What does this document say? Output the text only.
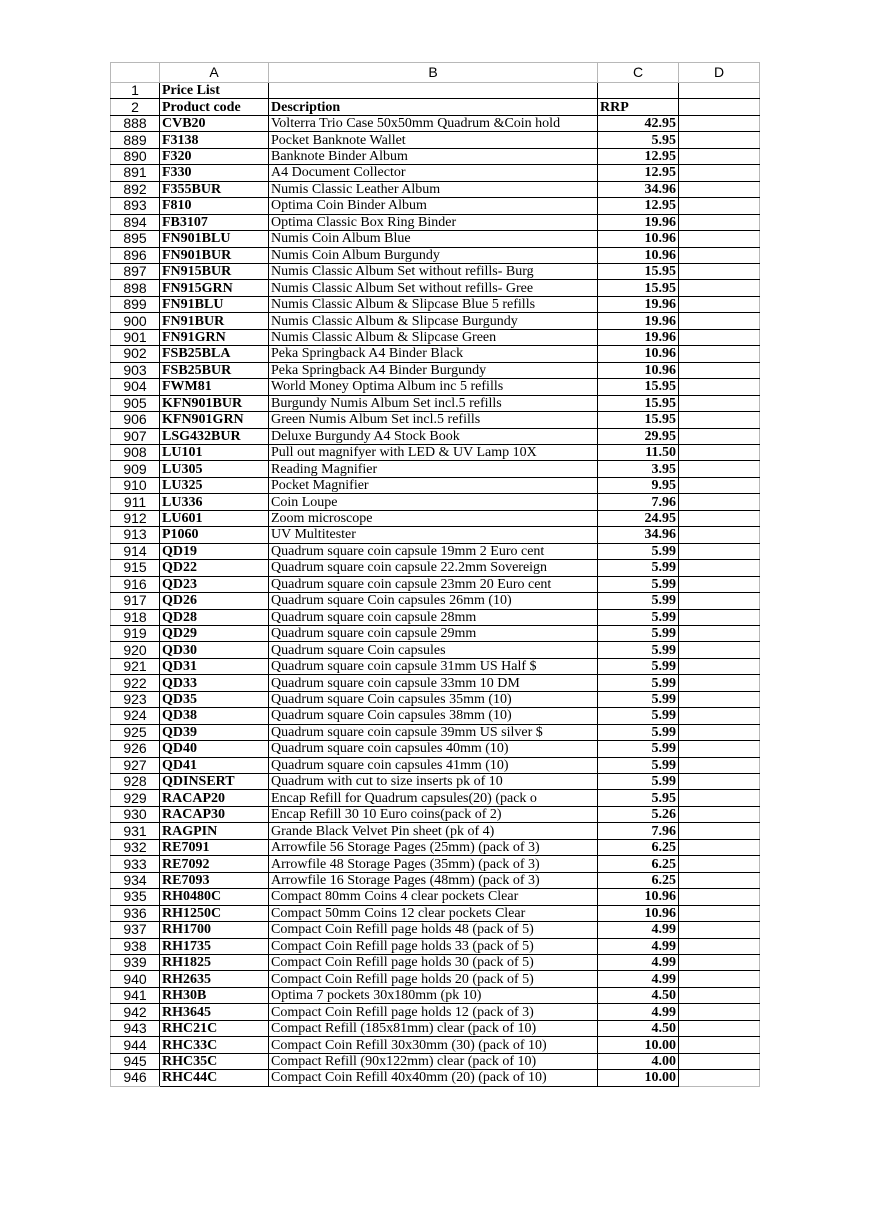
	A	B	C	D
1	Price List			
2	Product code	Description	RRP	
888	CVB20	Volterra Trio Case 50x50mm Quadrum &Coin hold	42.95	
889	F3138	Pocket Banknote Wallet	5.95	
890	F320	Banknote Binder Album	12.95	
891	F330	A4 Document Collector	12.95	
892	F355BUR	Numis Classic Leather Album	34.96	
893	F810	Optima Coin Binder Album	12.95	
894	FB3107	Optima Classic Box Ring Binder	19.96	
895	FN901BLU	Numis Coin Album Blue	10.96	
896	FN901BUR	Numis Coin Album Burgundy	10.96	
897	FN915BUR	Numis Classic Album Set without refills- Burg	15.95	
898	FN915GRN	Numis Classic Album Set without refills- Gree	15.95	
899	FN91BLU	Numis Classic Album & Slipcase Blue 5 refills	19.96	
900	FN91BUR	Numis Classic Album & Slipcase Burgundy	19.96	
901	FN91GRN	Numis Classic Album & Slipcase Green	19.96	
902	FSB25BLA	Peka Springback A4 Binder Black	10.96	
903	FSB25BUR	Peka Springback A4 Binder Burgundy	10.96	
904	FWM81	World Money Optima Album inc 5 refills	15.95	
905	KFN901BUR	Burgundy Numis Album Set incl.5 refills	15.95	
906	KFN901GRN	Green Numis Album Set incl.5 refills	15.95	
907	LSG432BUR	Deluxe Burgundy A4 Stock Book	29.95	
908	LU101	Pull out magnifyer with LED & UV Lamp 10X	11.50	
909	LU305	Reading Magnifier	3.95	
910	LU325	Pocket Magnifier	9.95	
911	LU336	Coin Loupe	7.96	
912	LU601	Zoom microscope	24.95	
913	P1060	UV Multitester	34.96	
914	QD19	Quadrum square coin capsule 19mm 2 Euro cent	5.99	
915	QD22	Quadrum square coin capsule 22.2mm Sovereign	5.99	
916	QD23	Quadrum square coin capsule 23mm 20 Euro cent	5.99	
917	QD26	Quadrum square Coin capsules 26mm (10)	5.99	
918	QD28	Quadrum square coin capsule 28mm	5.99	
919	QD29	Quadrum square coin capsule 29mm	5.99	
920	QD30	Quadrum square Coin capsules	5.99	
921	QD31	Quadrum square coin capsule 31mm US Half $	5.99	
922	QD33	Quadrum square coin capsule 33mm 10 DM	5.99	
923	QD35	Quadrum square Coin capsules 35mm (10)	5.99	
924	QD38	Quadrum square Coin capsules 38mm (10)	5.99	
925	QD39	Quadrum square coin capsule 39mm US silver $	5.99	
926	QD40	Quadrum square coin capsules 40mm (10)	5.99	
927	QD41	Quadrum square coin capsules 41mm (10)	5.99	
928	QDINSERT	Quadrum with cut to size inserts pk of 10	5.99	
929	RACAP20	Encap Refill for Quadrum capsules(20) (pack o	5.95	
930	RACAP30	Encap Refill 30 10 Euro coins(pack of 2)	5.26	
931	RAGPIN	Grande Black Velvet Pin sheet (pk of 4)	7.96	
932	RE7091	Arrowfile 56 Storage Pages (25mm) (pack of 3)	6.25	
933	RE7092	Arrowfile 48 Storage Pages (35mm) (pack of 3)	6.25	
934	RE7093	Arrowfile 16 Storage Pages (48mm) (pack of 3)	6.25	
935	RH0480C	Compact 80mm Coins 4 clear pockets Clear	10.96	
936	RH1250C	Compact 50mm Coins 12 clear pockets Clear	10.96	
937	RH1700	Compact Coin Refill page holds 48 (pack of 5)	4.99	
938	RH1735	Compact Coin Refill page holds 33 (pack of 5)	4.99	
939	RH1825	Compact Coin Refill page holds 30 (pack of 5)	4.99	
940	RH2635	Compact Coin Refill page holds 20 (pack of 5)	4.99	
941	RH30B	Optima 7 pockets 30x180mm (pk 10)	4.50	
942	RH3645	Compact Coin Refill page holds 12 (pack of 3)	4.99	
943	RHC21C	Compact Refill (185x81mm) clear (pack of 10)	4.50	
944	RHC33C	Compact Coin Refill 30x30mm (30) (pack of 10)	10.00	
945	RHC35C	Compact Refill (90x122mm) clear (pack of 10)	4.00	
946	RHC44C	Compact Coin Refill 40x40mm (20) (pack of 10)	10.00	
